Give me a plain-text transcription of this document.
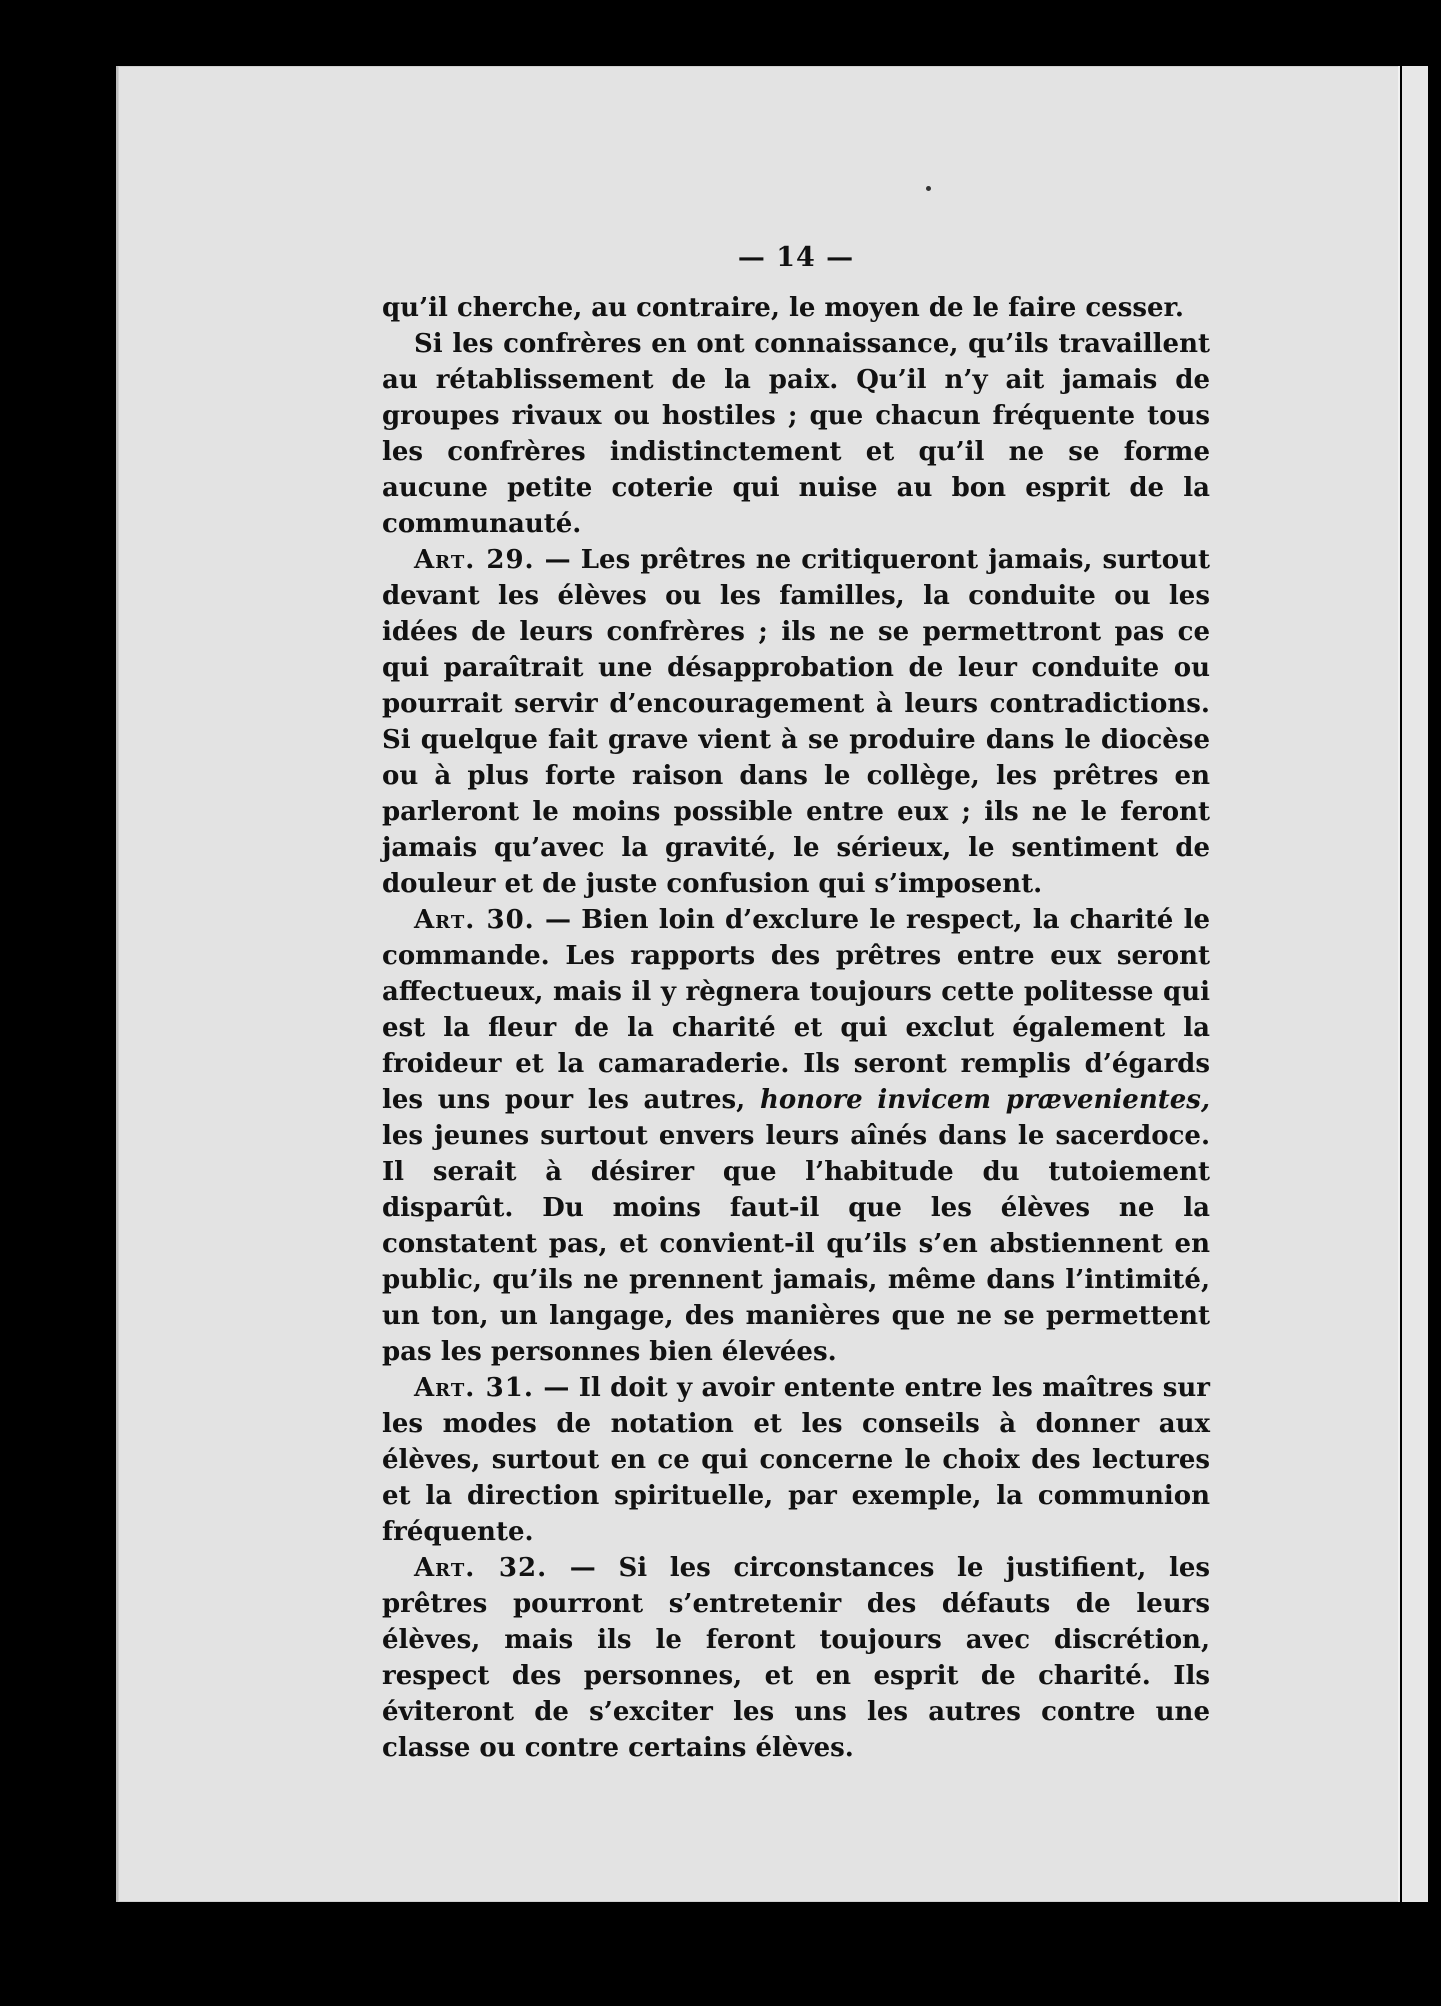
— 14 —

qu’il cherche, au contraire, le moyen de le faire cesser.

Si les confrères en ont connaissance, qu’ils travaillent au rétablissement de la paix. Qu’il n’y ait jamais de groupes rivaux ou hostiles ; que chacun fréquente tous les confrères indistinctement et qu’il ne se forme aucune petite coterie qui nuise au bon esprit de la communauté.

Art. 29. — Les prêtres ne critiqueront jamais, surtout devant les élèves ou les familles, la conduite ou les idées de leurs confrères ; ils ne se permettront pas ce qui paraîtrait une désapprobation de leur conduite ou pourrait servir d’encouragement à leurs contradictions. Si quelque fait grave vient à se produire dans le diocèse ou à plus forte raison dans le collège, les prêtres en parleront le moins possible entre eux ; ils ne le feront jamais qu’avec la gravité, le sérieux, le sentiment de douleur et de juste confusion qui s’imposent.

Art. 30. — Bien loin d’exclure le respect, la charité le commande. Les rapports des prêtres entre eux seront affectueux, mais il y règnera toujours cette politesse qui est la fleur de la charité et qui exclut également la froideur et la camaraderie. Ils seront remplis d’égards les uns pour les autres, honore invicem prævenientes, les jeunes surtout envers leurs aînés dans le sacerdoce. Il serait à désirer que l’habitude du tutoiement disparût. Du moins faut-il que les élèves ne la constatent pas, et convient-il qu’ils s’en abstiennent en public, qu’ils ne prennent jamais, même dans l’intimité, un ton, un langage, des manières que ne se permettent pas les personnes bien élevées.

Art. 31. — Il doit y avoir entente entre les maîtres sur les modes de notation et les conseils à donner aux élèves, surtout en ce qui concerne le choix des lectures et la direction spirituelle, par exemple, la communion fréquente.

Art. 32. — Si les circonstances le justifient, les prêtres pourront s’entretenir des défauts de leurs élèves, mais ils le feront toujours avec discrétion, respect des personnes, et en esprit de charité. Ils éviteront de s’exciter les uns les autres contre une classe ou contre certains élèves.
